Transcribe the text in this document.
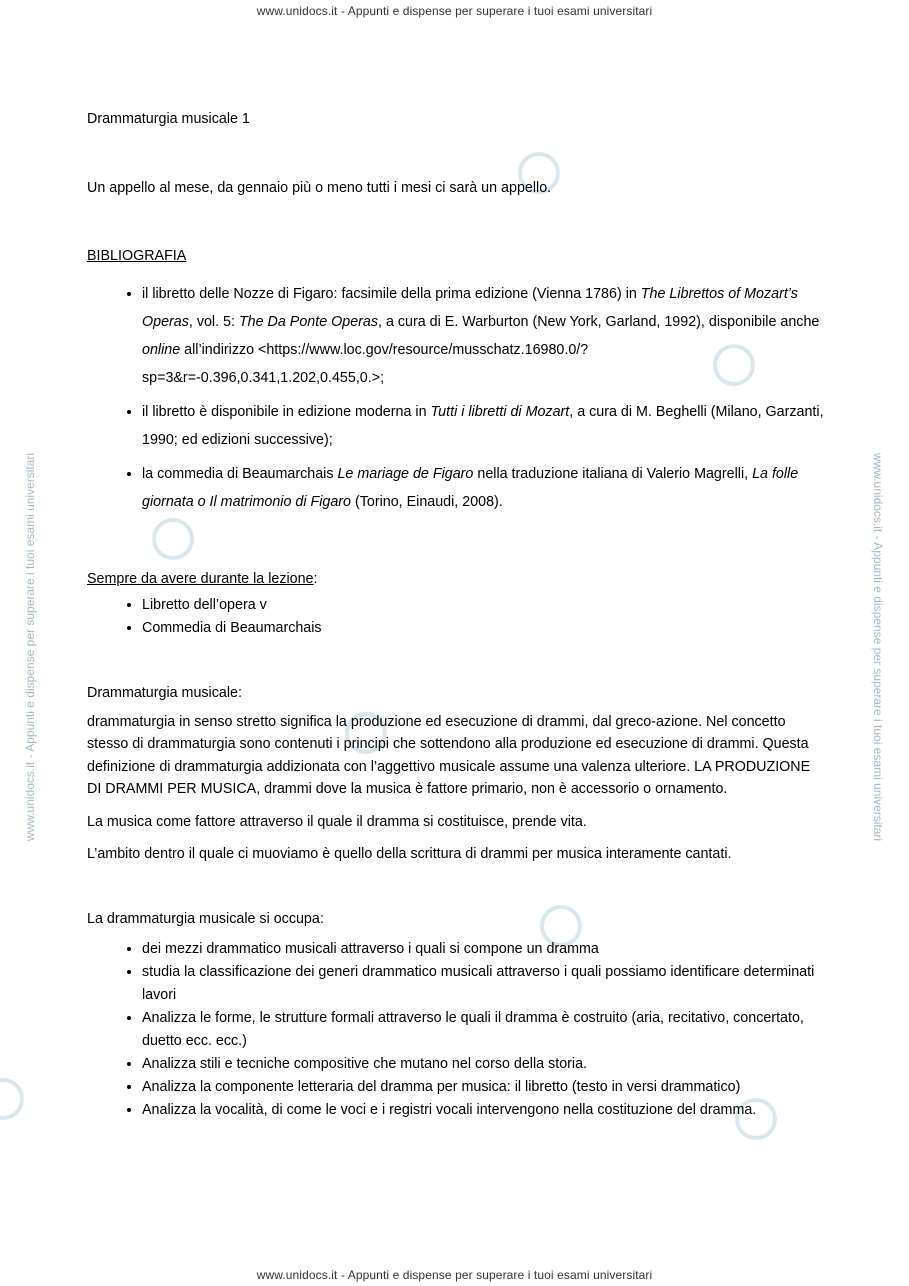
www.unidocs.it - Appunti e dispense per superare i tuoi esami universitari
www.unidocs.it - Appunti e dispense per superare i tuoi esami universitari
www.unidocs.it - Appunti e dispense per superare i tuoi esami universitari	www.unidocs.it - Appunti e dispense per superare i tuoi esami universitari

Drammaturgia musicale 1

Un appello al mese, da gennaio più o meno tutti i mesi ci sarà un appello.

BIBLIOGRAFIA

• il libretto delle Nozze di Figaro: facsimile della prima edizione (Vienna 1786) in The Librettos of Mozart’s Operas, vol. 5: The Da Ponte Operas, a cura di E. Warburton (New York, Garland, 1992), disponibile anche online all’indirizzo <https://www.loc.gov/resource/musschatz.16980.0/?sp=3&r=-0.396,0.341,1.202,0.455,0.>;
• il libretto è disponibile in edizione moderna in Tutti i libretti di Mozart, a cura di M. Beghelli (Milano, Garzanti, 1990; ed edizioni successive);
• la commedia di Beaumarchais Le mariage de Figaro nella traduzione italiana di Valerio Magrelli, La folle giornata o Il matrimonio di Figaro (Torino, Einaudi, 2008).

Sempre da avere durante la lezione:

• Libretto dell’opera v
• Commedia di Beaumarchais

Drammaturgia musicale:

drammaturgia in senso stretto significa la produzione ed esecuzione di drammi, dal greco-azione. Nel concetto stesso di drammaturgia sono contenuti i principi che sottendono alla produzione ed esecuzione di drammi. Questa definizione di drammaturgia addizionata con l’aggettivo musicale assume una valenza ulteriore. LA PRODUZIONE DI DRAMMI PER MUSICA, drammi dove la musica è fattore primario, non è accessorio o ornamento.

La musica come fattore attraverso il quale il dramma si costituisce, prende vita.

L’ambito dentro il quale ci muoviamo è quello della scrittura di drammi per musica interamente cantati.

La drammaturgia musicale si occupa:

• dei mezzi drammatico musicali attraverso i quali si compone un dramma
• studia la classificazione dei generi drammatico musicali attraverso i quali possiamo identificare determinati lavori
• Analizza le forme, le strutture formali attraverso le quali il dramma è costruito (aria, recitativo, concertato, duetto ecc. ecc.)
• Analizza stili e tecniche compositive che mutano nel corso della storia.
• Analizza la componente letteraria del dramma per musica: il libretto (testo in versi drammatico)
• Analizza la vocalità, di come le voci e i registri vocali intervengono nella costituzione del dramma.
